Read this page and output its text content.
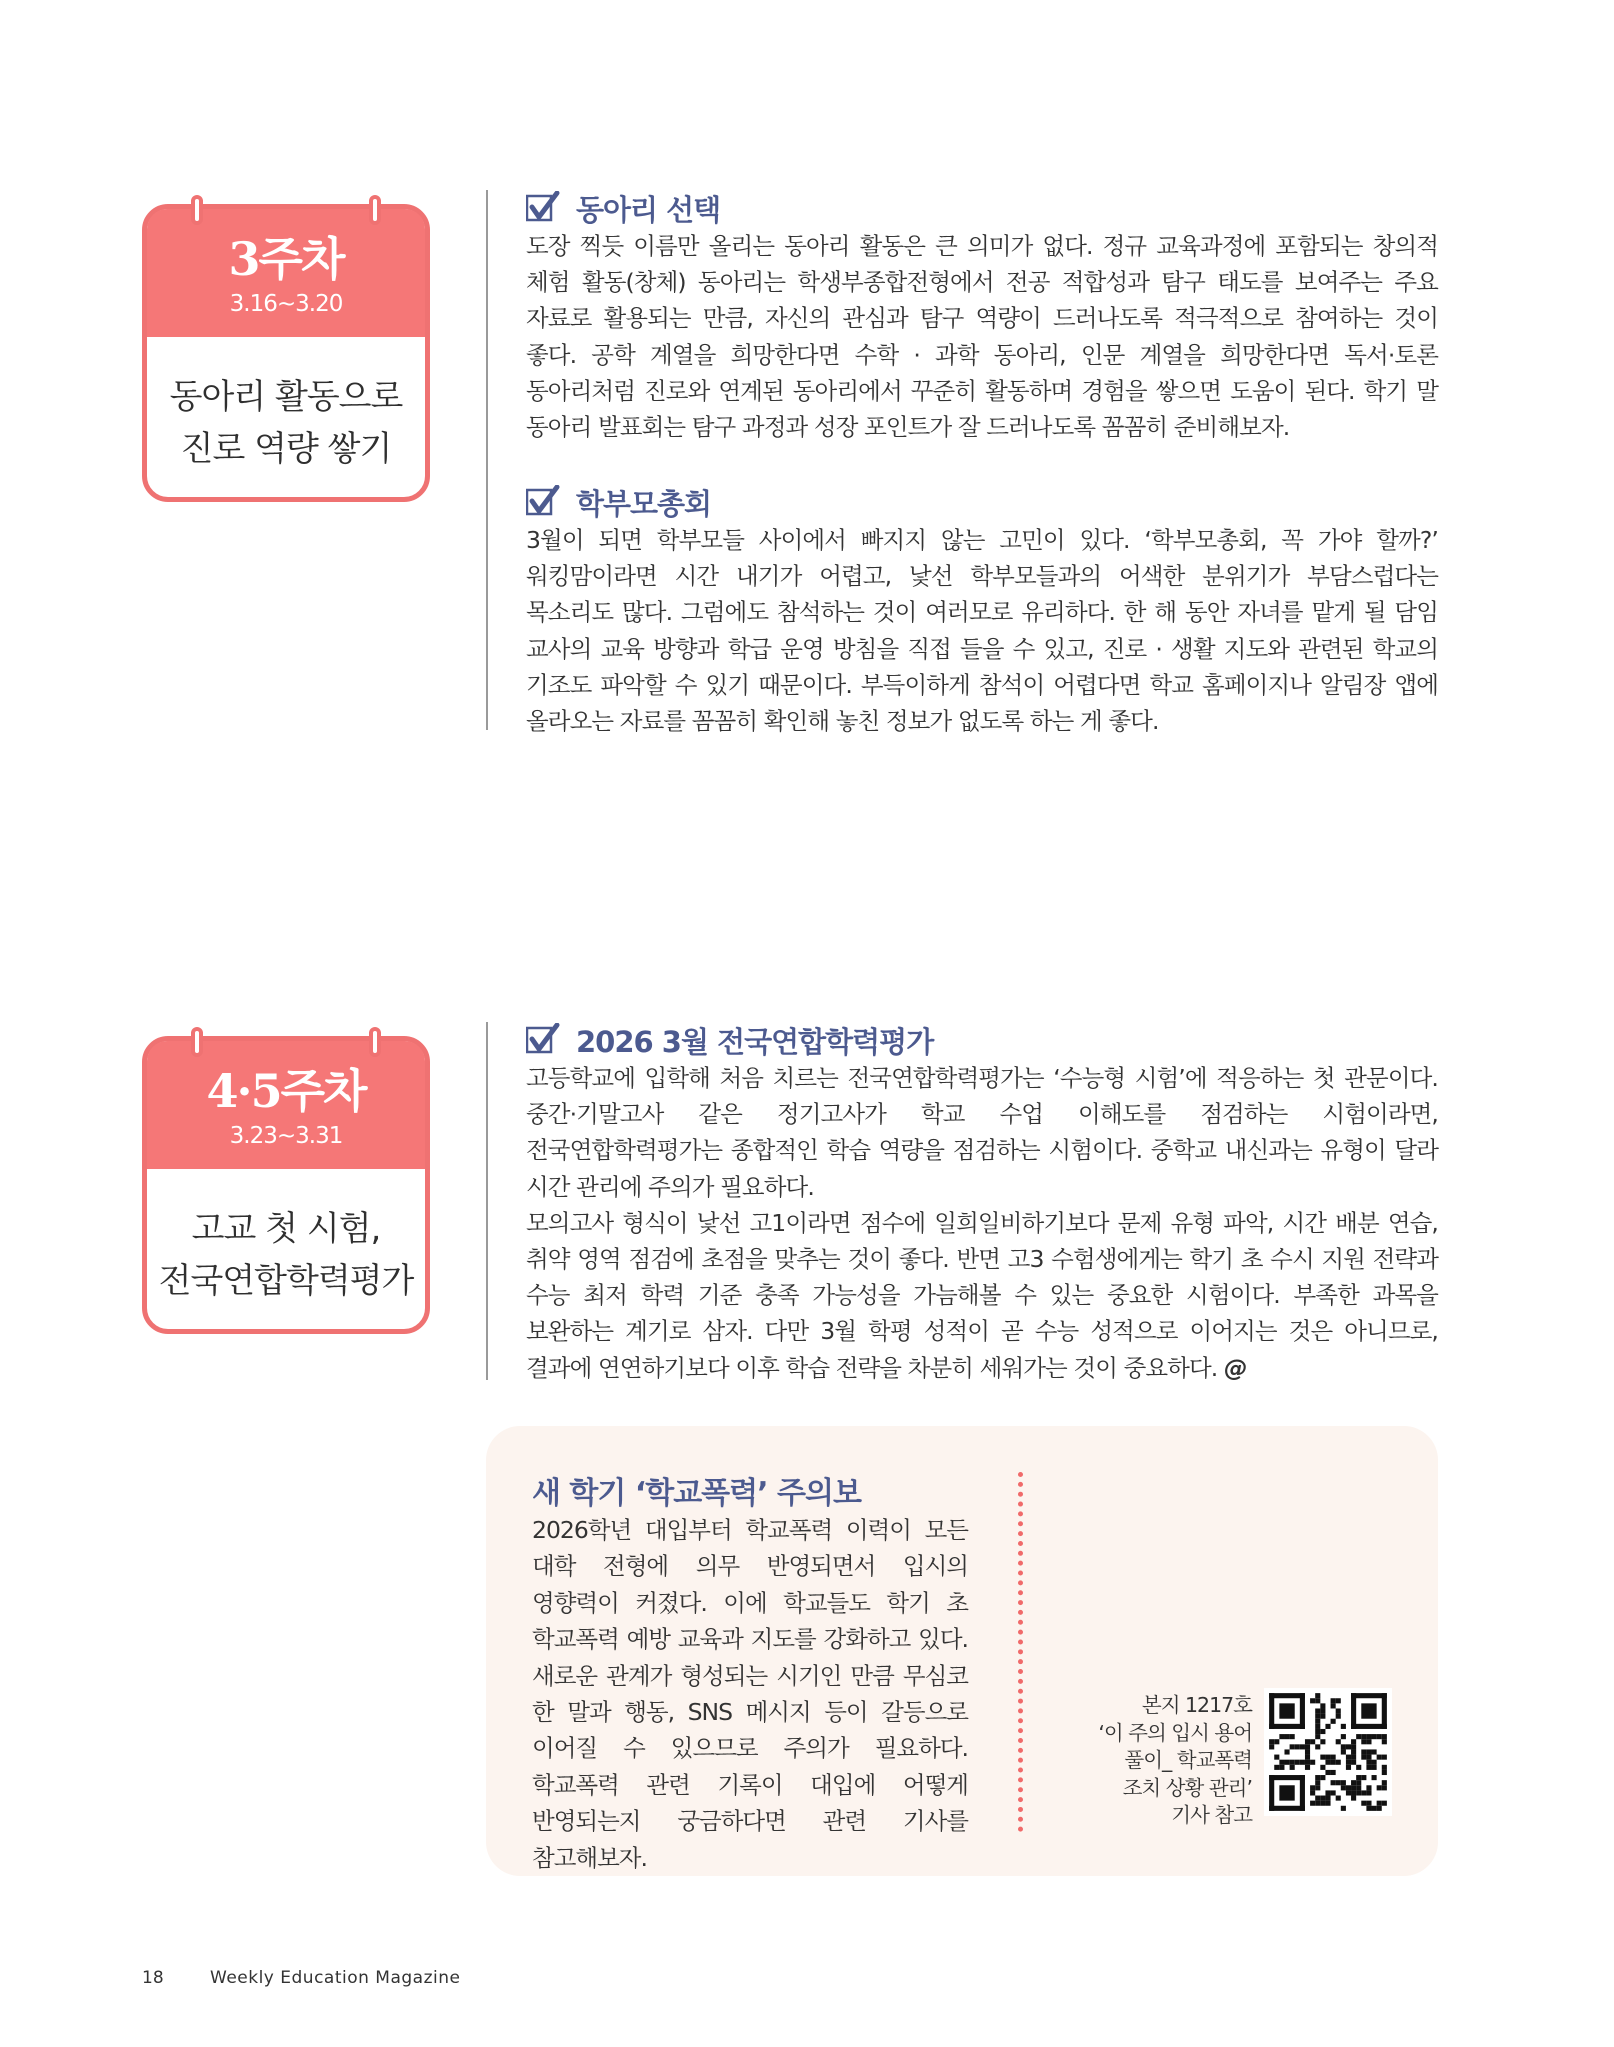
3주차
3.16~3.20
동아리 활동으로
진로 역량 쌓기
동아리 선택

도장 찍듯 이름만 올리는 동아리 활동은 큰 의미가 없다. 정규 교육과정에 포함되는 창의적 체험 활동(창체) 동아리는 학생부종합전형에서 전공 적합성과 탐구 태도를 보여주는 주요 자료로 활용되는 만큼, 자신의 관심과 탐구 역량이 드러나도록 적극적으로 참여하는 것이 좋다. 공학 계열을 희망한다면 수학 · 과학 동아리, 인문 계열을 희망한다면 독서·토론 동아리처럼 진로와 연계된 동아리에서 꾸준히 활동하며 경험을 쌓으면 도움이 된다. 학기 말 동아리 발표회는 탐구 과정과 성장 포인트가 잘 드러나도록 꼼꼼히 준비해보자.

학부모총회

3월이 되면 학부모들 사이에서 빠지지 않는 고민이 있다. ‘학부모총회, 꼭 가야 할까?’ 워킹맘이라면 시간 내기가 어렵고, 낯선 학부모들과의 어색한 분위기가 부담스럽다는 목소리도 많다. 그럼에도 참석하는 것이 여러모로 유리하다. 한 해 동안 자녀를 맡게 될 담임 교사의 교육 방향과 학급 운영 방침을 직접 들을 수 있고, 진로 · 생활 지도와 관련된 학교의 기조도 파악할 수 있기 때문이다. 부득이하게 참석이 어렵다면 학교 홈페이지나 알림장 앱에 올라오는 자료를 꼼꼼히 확인해 놓친 정보가 없도록 하는 게 좋다.

4·5주차
3.23~3.31
고교 첫 시험,
전국연합학력평가
2026 3월 전국연합학력평가

고등학교에 입학해 처음 치르는 전국연합학력평가는 ‘수능형 시험’에 적응하는 첫 관문이다. 중간·기말고사 같은 정기고사가 학교 수업 이해도를 점검하는 시험이라면, 전국연합학력평가는 종합적인 학습 역량을 점검하는 시험이다. 중학교 내신과는 유형이 달라 시간 관리에 주의가 필요하다.

모의고사 형식이 낯선 고1이라면 점수에 일희일비하기보다 문제 유형 파악, 시간 배분 연습, 취약 영역 점검에 초점을 맞추는 것이 좋다. 반면 고3 수험생에게는 학기 초 수시 지원 전략과 수능 최저 학력 기준 충족 가능성을 가늠해볼 수 있는 중요한 시험이다. 부족한 과목을 보완하는 계기로 삼자. 다만 3월 학평 성적이 곧 수능 성적으로 이어지는 것은 아니므로, 결과에 연연하기보다 이후 학습 전략을 차분히 세워가는 것이 중요하다. @

새 학기 ‘학교폭력’ 주의보

2026학년 대입부터 학교폭력 이력이 모든 대학 전형에 의무 반영되면서 입시의 영향력이 커졌다. 이에 학교들도 학기 초 학교폭력 예방 교육과 지도를 강화하고 있다. 새로운 관계가 형성되는 시기인 만큼 무심코 한 말과 행동, SNS 메시지 등이 갈등으로 이어질 수 있으므로 주의가 필요하다. 학교폭력 관련 기록이 대입에 어떻게 반영되는지 궁금하다면 관련 기사를 참고해보자.

본지 1217호
‘이 주의 입시 용어
풀이_ 학교폭력
조치 상황 관리’
기사 참고
18	Weekly Education Magazine
